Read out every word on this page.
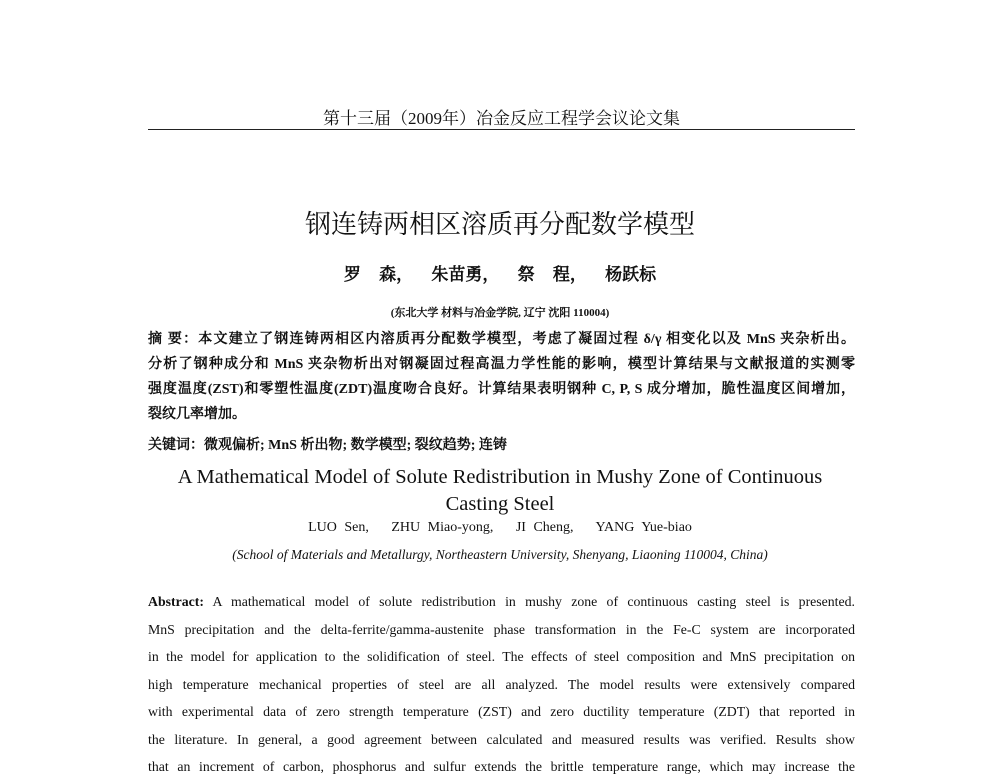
第十三届（2009年）冶金反应工程学会议论文集
钢连铸两相区溶质再分配数学模型
罗 森， 朱苗勇， 祭 程， 杨跃标
(东北大学 材料与冶金学院, 辽宁 沈阳 110004)
摘 要：本文建立了钢连铸两相区内溶质再分配数学模型，考虑了凝固过程 δ/γ 相变化以及 MnS 夹杂析出。
分析了钢种成分和 MnS 夹杂物析出对钢凝固过程高温力学性能的影响，模型计算结果与文献报道的实测零
强度温度(ZST)和零塑性温度(ZDT)温度吻合良好。计算结果表明钢种 C, P, S 成分增加，脆性温度区间增加，
裂纹几率增加。
关键词：微观偏析; MnS 析出物; 数学模型; 裂纹趋势; 连铸
A Mathematical Model of Solute Redistribution in Mushy Zone of Continuous
Casting Steel
LUO Sen,   ZHU Miao-yong,   JI Cheng,   YANG Yue-biao
(School of Materials and Metallurgy, Northeastern University, Shenyang, Liaoning 110004, China)
Abstract: A mathematical model of solute redistribution in mushy zone of continuous casting steel is presented.
MnS precipitation and the delta-ferrite/gamma-austenite phase transformation in the Fe-C system are incorporated
in the model for application to the solidification of steel. The effects of steel composition and MnS precipitation on
high temperature mechanical properties of steel are all analyzed. The model results were extensively compared
with experimental data of zero strength temperature (ZST) and zero ductility temperature (ZDT) that reported in
the literature. In general, a good agreement between calculated and measured results was verified. Results show
that an increment of carbon, phosphorus and sulfur extends the brittle temperature range, which may increase the
